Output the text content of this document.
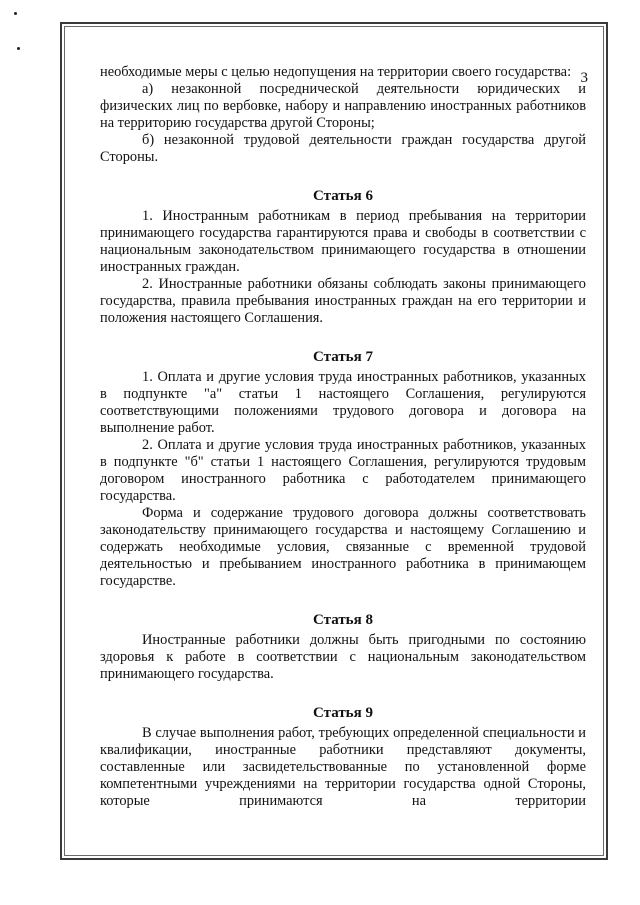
3

необходимые меры с целью недопущения на территории своего государства:

а) незаконной посреднической деятельности юридических и физических лиц по вербовке, набору и направлению иностранных работников на территорию государства другой Стороны;

б) незаконной трудовой деятельности граждан государства другой Стороны.

Статья 6

1. Иностранным работникам в период пребывания на территории принимающего государства гарантируются права и свободы в соответствии с национальным законодательством принимающего государства в отношении иностранных граждан.

2. Иностранные работники обязаны соблюдать законы принимающего государства, правила пребывания иностранных граждан на его территории и положения настоящего Соглашения.

Статья 7

1. Оплата и другие условия труда иностранных работников, указанных в подпункте "а" статьи 1 настоящего Соглашения, регулируются соответствующими положениями трудового договора и договора на выполнение работ.

2. Оплата и другие условия труда иностранных работников, указанных в подпункте "б" статьи 1 настоящего Соглашения, регулируются трудовым договором иностранного работника с работодателем принимающего государства.

Форма и содержание трудового договора должны соответствовать законодательству принимающего государства и настоящему Соглашению и содержать необходимые условия, связанные с временной трудовой деятельностью и пребыванием иностранного работника в принимающем государстве.

Статья 8

Иностранные работники должны быть пригодными по состоянию здоровья к работе в соответствии с национальным законодательством принимающего государства.

Статья 9

В случае выполнения работ, требующих определенной специальности и квалификации, иностранные работники представляют документы, составленные или засвидетельствованные по установленной форме компетентными учреждениями на территории государства одной Стороны, которые принимаются на территории
